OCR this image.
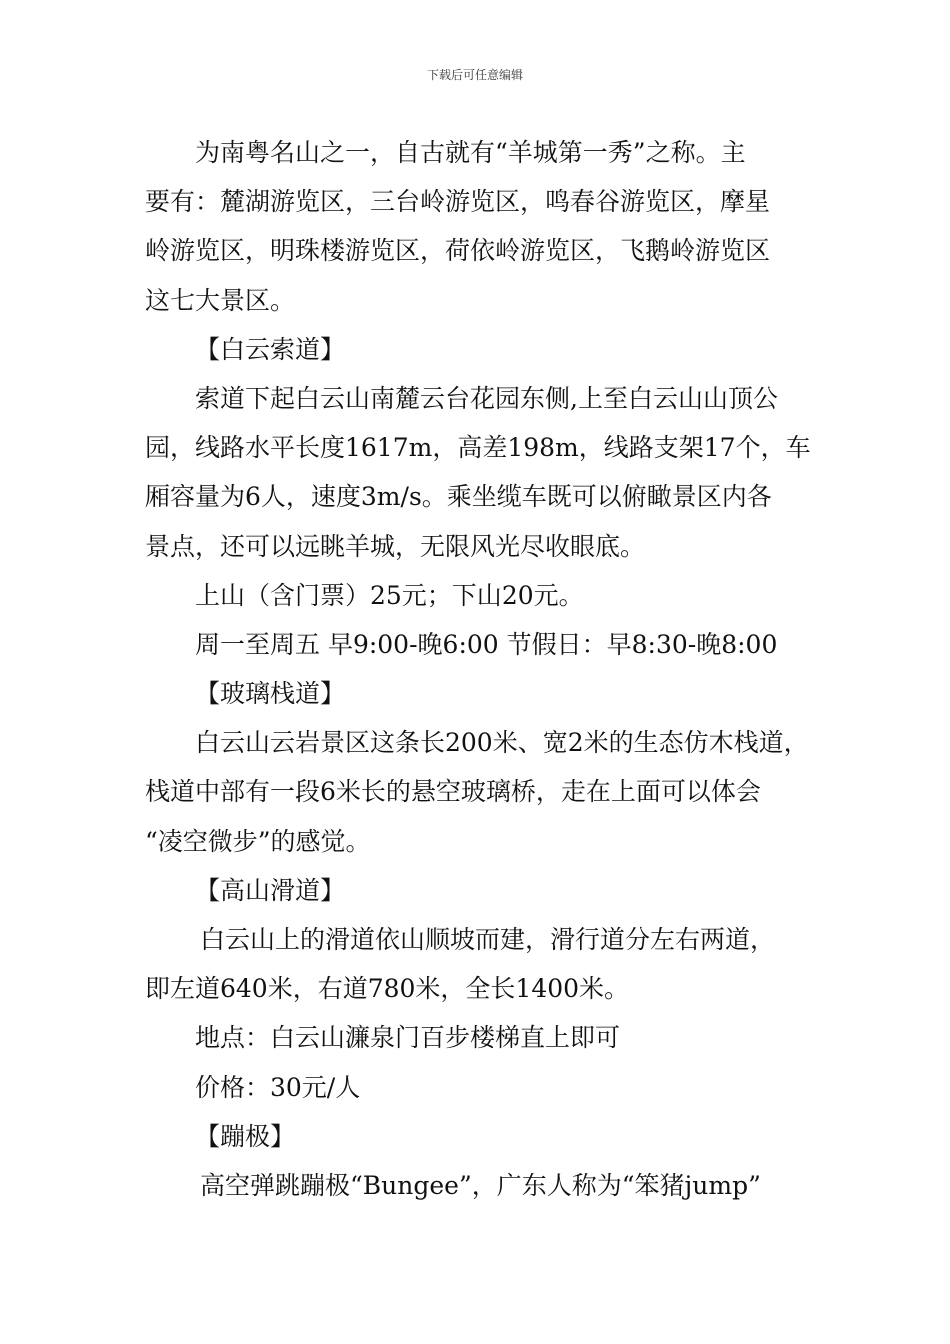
下载后可任意编辑
为南粤名山之一，自古就有“羊城第一秀”之称。主
要有：麓湖游览区，三台岭游览区，鸣春谷游览区，摩星
岭游览区，明珠楼游览区，荷依岭游览区，飞鹅岭游览区
这七大景区。
【白云索道】
索道下起白云山南麓云台花园东侧,上至白云山山顶公
园，线路水平长度1617m，高差198m，线路支架17个，车
厢容量为6人，速度3m/s。乘坐缆车既可以俯瞰景区内各
景点，还可以远眺羊城，无限风光尽收眼底。
上山（含门票）25元；下山20元。
周一至周五 早9:00-晚6:00 节假日：早8:30-晚8:00
【玻璃栈道】
白云山云岩景区这条长200米、宽2米的生态仿木栈道，
栈道中部有一段6米长的悬空玻璃桥，走在上面可以体会
“凌空微步”的感觉。
【高山滑道】
白云山上的滑道依山顺坡而建，滑行道分左右两道，
即左道640米，右道780米，全长1400米。
地点：白云山濂泉门百步楼梯直上即可
价格：30元/人
【蹦极】
高空弹跳蹦极“Bungee”，广东人称为“笨猪jump”
